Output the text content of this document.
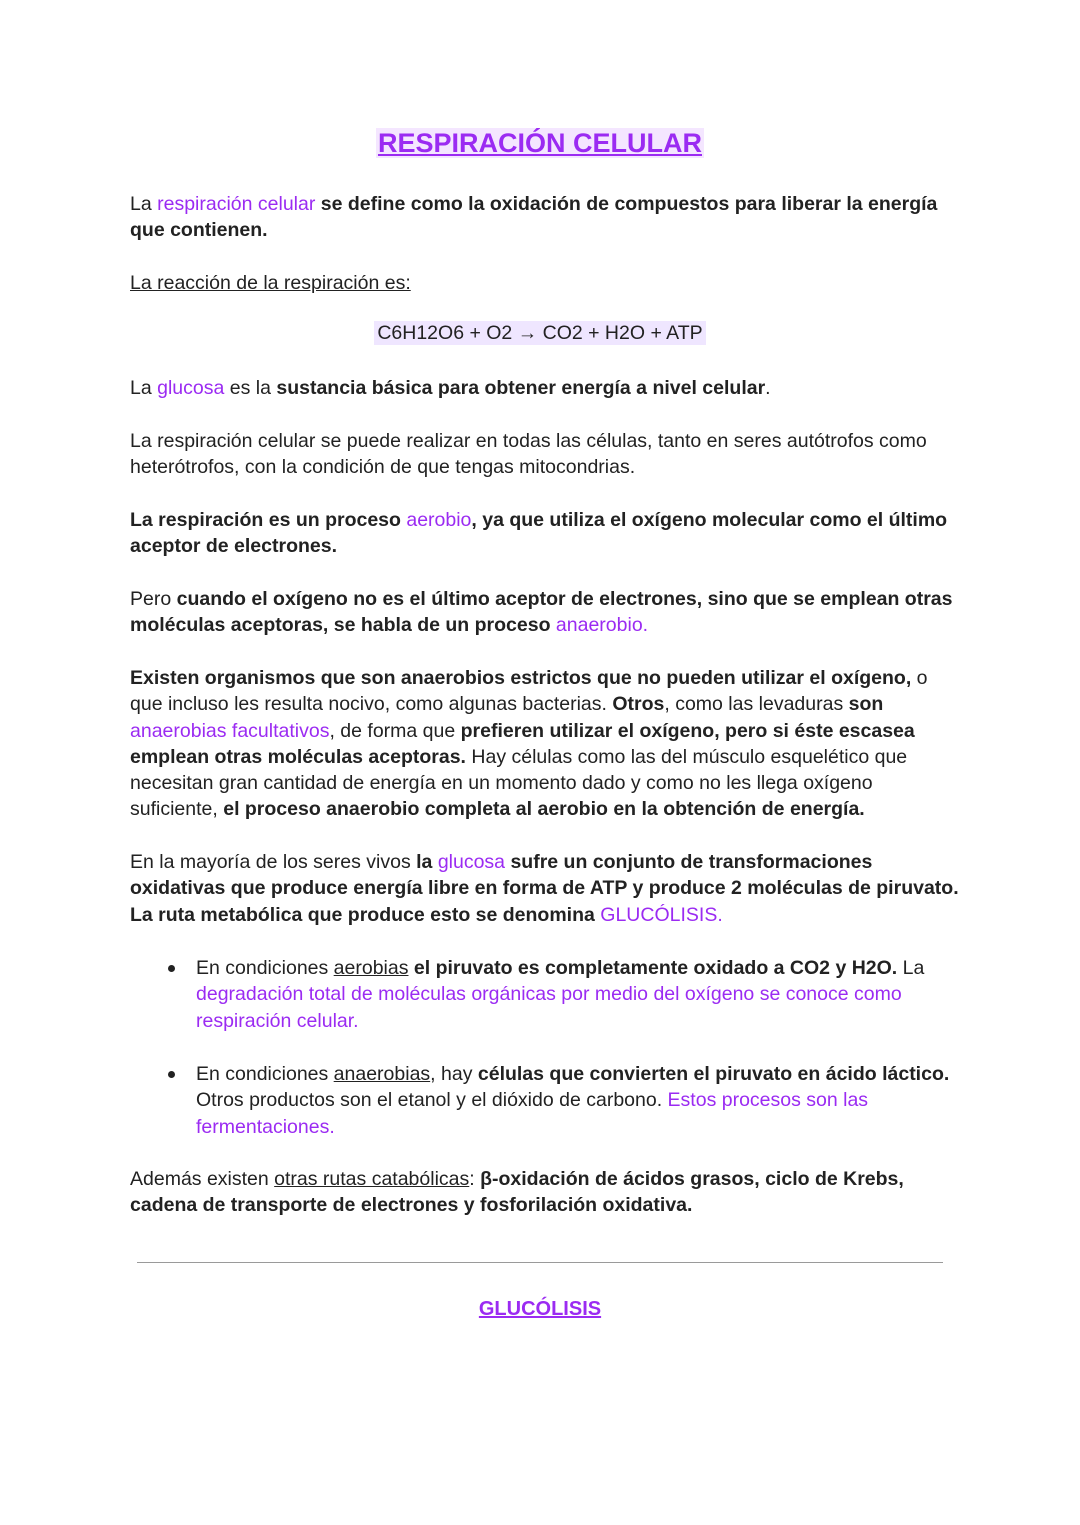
RESPIRACIÓN CELULAR

La respiración celular se define como la oxidación de compuestos para liberar la energía que contienen.

La reacción de la respiración es:

C6H12O6 + O2 → CO2 + H2O + ATP

La glucosa es la sustancia básica para obtener energía a nivel celular.

La respiración celular se puede realizar en todas las células, tanto en seres autótrofos como heterótrofos, con la condición de que tengas mitocondrias.

La respiración es un proceso aerobio, ya que utiliza el oxígeno molecular como el último aceptor de electrones.

Pero cuando el oxígeno no es el último aceptor de electrones, sino que se emplean otras moléculas aceptoras, se habla de un proceso anaerobio.

Existen organismos que son anaerobios estrictos que no pueden utilizar el oxígeno, o que incluso les resulta nocivo, como algunas bacterias. Otros, como las levaduras son anaerobias facultativos, de forma que prefieren utilizar el oxígeno, pero si éste escasea emplean otras moléculas aceptoras. Hay células como las del músculo esquelético que necesitan gran cantidad de energía en un momento dado y como no les llega oxígeno suficiente, el proceso anaerobio completa al aerobio en la obtención de energía.

En la mayoría de los seres vivos la glucosa sufre un conjunto de transformaciones oxidativas que produce energía libre en forma de ATP y produce 2 moléculas de piruvato. La ruta metabólica que produce esto se denomina GLUCÓLISIS.

En condiciones aerobias el piruvato es completamente oxidado a CO2 y H2O. La degradación total de moléculas orgánicas por medio del oxígeno se conoce como respiración celular.
En condiciones anaerobias, hay células que convierten el piruvato en ácido láctico. Otros productos son el etanol y el dióxido de carbono. Estos procesos son las fermentaciones.

Además existen otras rutas catabólicas: β-oxidación de ácidos grasos, ciclo de Krebs, cadena de transporte de electrones y fosforilación oxidativa.

GLUCÓLISIS
